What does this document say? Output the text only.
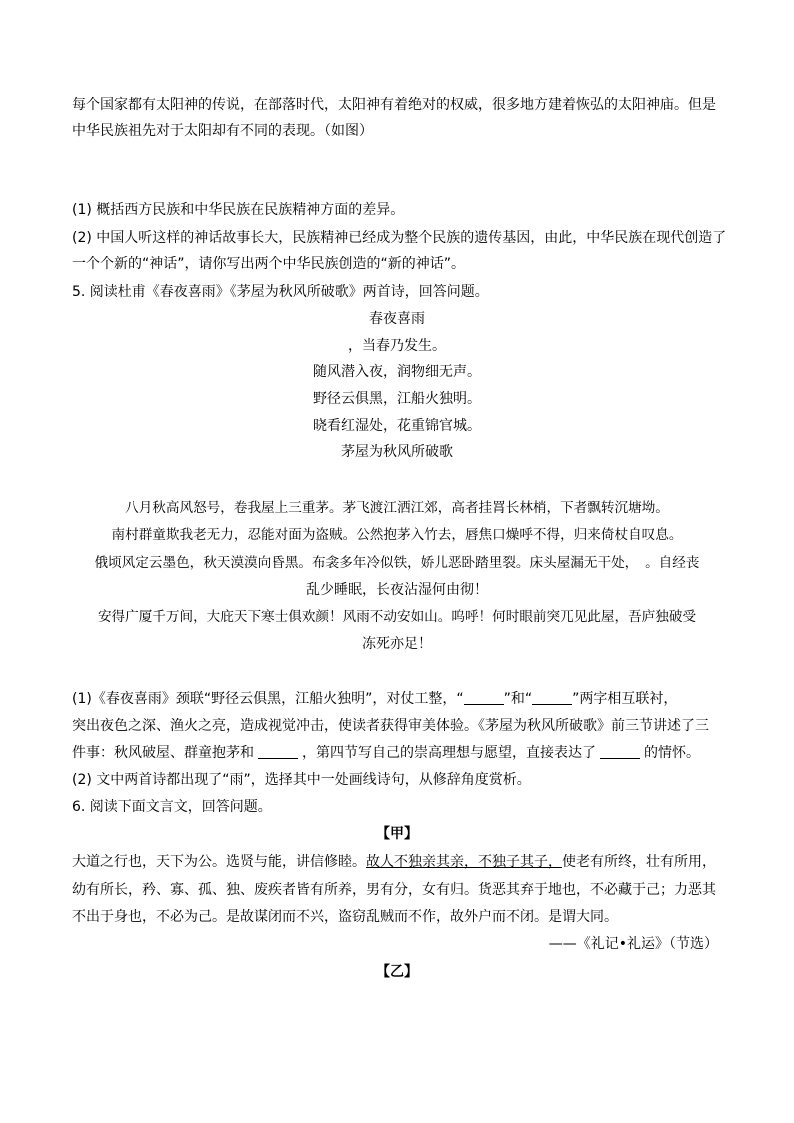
每个国家都有太阳神的传说，在部落时代，太阳神有着绝对的权威，很多地方建着恢弘的太阳神庙。但是
中华民族祖先对于太阳却有不同的表现。（如图）
(1) 概括西方民族和中华民族在民族精神方面的差异。
(2) 中国人听这样的神话故事长大，民族精神已经成为整个民族的遗传基因，由此，中华民族在现代创造了
一个个新的“神话”，请你写出两个中华民族创造的“新的神话”。
5. 阅读杜甫《春夜喜雨》《茅屋为秋风所破歌》两首诗，回答问题。
春夜喜雨
，当春乃发生。
随风潜入夜，润物细无声。
野径云俱黑，江船火独明。
晓看红湿处，花重锦官城。
茅屋为秋风所破歌
八月秋高风怒号，卷我屋上三重茅。茅飞渡江洒江郊，高者挂罥长林梢，下者飘转沉塘坳。
南村群童欺我老无力，忍能对面为盗贼。公然抱茅入竹去，唇焦口燥呼不得，归来倚杖自叹息。
俄顷风定云墨色，秋天漠漠向昏黑。布衾多年冷似铁，娇儿恶卧踏里裂。床头屋漏无干处，　。自经丧
乱少睡眠，长夜沾湿何由彻！
安得广厦千万间，大庇天下寒士俱欢颜！风雨不动安如山。呜呼！何时眼前突兀见此屋，吾庐独破受
冻死亦足！
(1)《春夜喜雨》颈联“野径云俱黑，江船火独明”，对仗工整，“	”和“	”两字相互联衬，
突出夜色之深、渔火之亮，造成视觉冲击，使读者获得审美体验。《茅屋为秋风所破歌》前三节讲述了三
件事：秋风破屋、群童抱茅和	，第四节写自己的崇高理想与愿望，直接表达了	的情怀。
(2) 文中两首诗都出现了“雨”，选择其中一处画线诗句，从修辞角度赏析。
6. 阅读下面文言文，回答问题。
【甲】
大道之行也，天下为公。选贤与能，讲信修睦。故人不独亲其亲，不独子其子，使老有所终，壮有所用，
幼有所长，矜、寡、孤、独、废疾者皆有所养，男有分，女有归。货恶其弃于地也，不必藏于己；力恶其
不出于身也，不必为己。是故谋闭而不兴，盗窃乱贼而不作，故外户而不闭。是谓大同。
——《礼记•礼运》（节选）
【乙】
